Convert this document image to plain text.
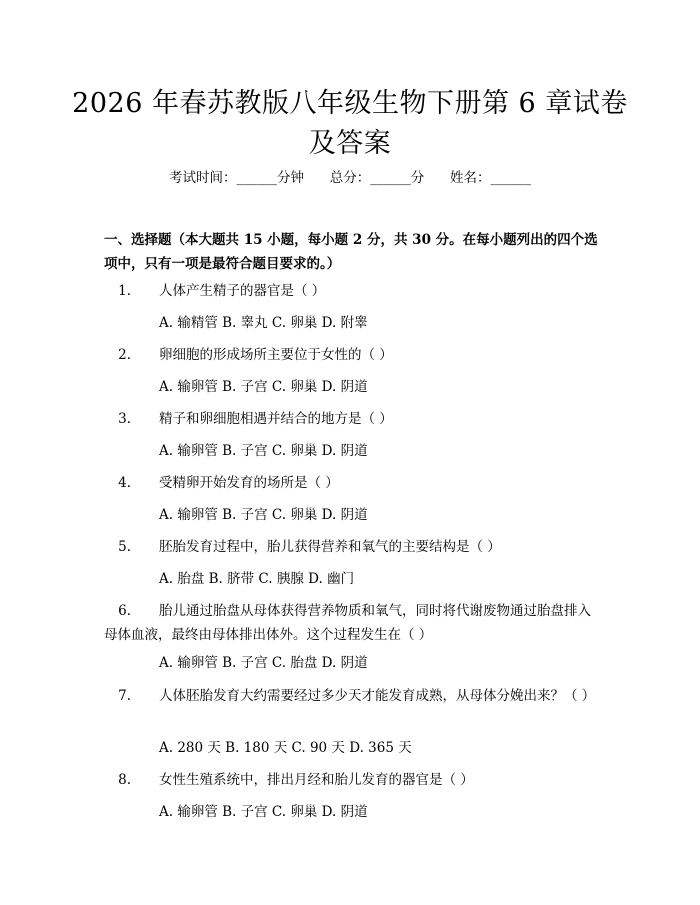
2026 年春苏教版八年级生物下册第 6 章试卷及答案
考试时间：______分钟      总分：______分      姓名：______
一、选择题（本大题共 15 小题，每小题 2 分，共 30 分。在每小题列出的四个选项中，只有一项是最符合题目要求的。）
1. 人体产生精子的器官是（ ）
A. 输精管 B. 睾丸 C. 卵巢 D. 附睾
2. 卵细胞的形成场所主要位于女性的（ ）
A. 输卵管 B. 子宫 C. 卵巢 D. 阴道
3. 精子和卵细胞相遇并结合的地方是（ ）
A. 输卵管 B. 子宫 C. 卵巢 D. 阴道
4. 受精卵开始发育的场所是（ ）
A. 输卵管 B. 子宫 C. 卵巢 D. 阴道
5. 胚胎发育过程中，胎儿获得营养和氧气的主要结构是（ ）
A. 胎盘 B. 脐带 C. 胰腺 D. 幽门
6. 胎儿通过胎盘从母体获得营养物质和氧气，同时将代谢废物通过胎盘排入母体血液，最终由母体排出体外。这个过程发生在（ ）
A. 输卵管 B. 子宫 C. 胎盘 D. 阴道
7. 人体胚胎发育大约需要经过多少天才能发育成熟，从母体分娩出来？（ ）
A. 280 天 B. 180 天 C. 90 天 D. 365 天
8. 女性生殖系统中，排出月经和胎儿发育的器官是（ ）
A. 输卵管 B. 子宫 C. 卵巢 D. 阴道
